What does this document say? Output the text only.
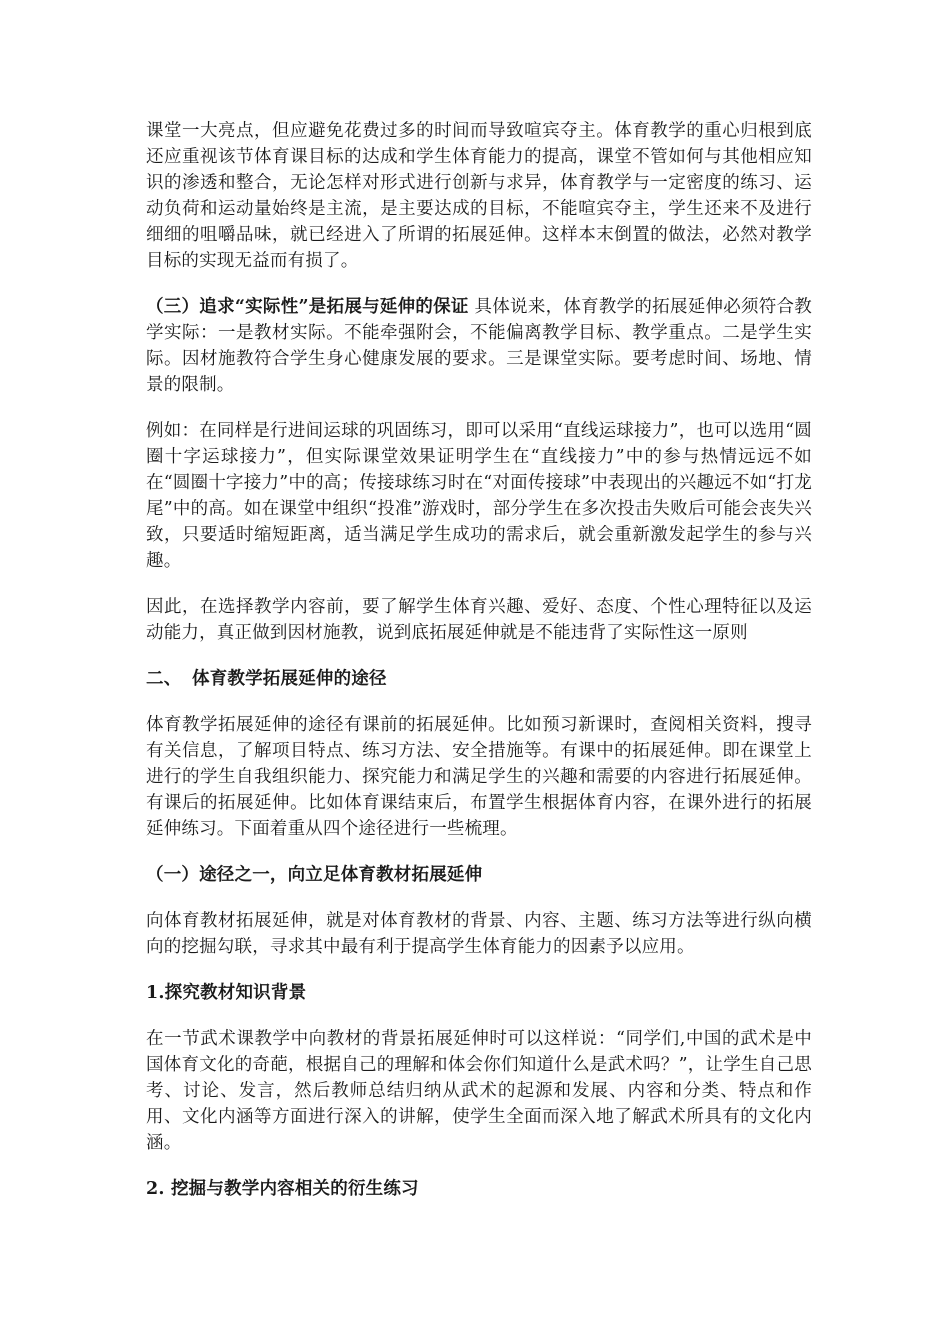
课堂一大亮点，但应避免花费过多的时间而导致喧宾夺主。体育教学的重心归根到底还应重视该节体育课目标的达成和学生体育能力的提高，课堂不管如何与其他相应知识的渗透和整合，无论怎样对形式进行创新与求异，体育教学与一定密度的练习、运动负荷和运动量始终是主流，是主要达成的目标，不能喧宾夺主，学生还来不及进行细细的咀嚼品味，就已经进入了所谓的拓展延伸。这样本末倒置的做法，必然对教学目标的实现无益而有损了。

（三）追求“实际性”是拓展与延伸的保证 具体说来，体育教学的拓展延伸必须符合教学实际：一是教材实际。不能牵强附会，不能偏离教学目标、教学重点。二是学生实际。因材施教符合学生身心健康发展的要求。三是课堂实际。要考虑时间、场地、情景的限制。

例如：在同样是行进间运球的巩固练习，即可以采用“直线运球接力”，也可以选用“圆圈十字运球接力”，但实际课堂效果证明学生在“直线接力”中的参与热情远远不如在“圆圈十字接力”中的高；传接球练习时在“对面传接球”中表现出的兴趣远不如“打龙尾”中的高。如在课堂中组织“投准”游戏时，部分学生在多次投击失败后可能会丧失兴致，只要适时缩短距离，适当满足学生成功的需求后，就会重新激发起学生的参与兴趣。

因此，在选择教学内容前，要了解学生体育兴趣、爱好、态度、个性心理特征以及运动能力，真正做到因材施教，说到底拓展延伸就是不能违背了实际性这一原则

二、 体育教学拓展延伸的途径

体育教学拓展延伸的途径有课前的拓展延伸。比如预习新课时，查阅相关资料，搜寻有关信息，了解项目特点、练习方法、安全措施等。有课中的拓展延伸。即在课堂上进行的学生自我组织能力、探究能力和满足学生的兴趣和需要的内容进行拓展延伸。有课后的拓展延伸。比如体育课结束后，布置学生根据体育内容，在课外进行的拓展延伸练习。下面着重从四个途径进行一些梳理。

（一）途径之一，向立足体育教材拓展延伸

向体育教材拓展延伸，就是对体育教材的背景、内容、主题、练习方法等进行纵向横向的挖掘勾联，寻求其中最有利于提高学生体育能力的因素予以应用。

1.探究教材知识背景

在一节武术课教学中向教材的背景拓展延伸时可以这样说：“同学们,中国的武术是中国体育文化的奇葩，根据自己的理解和体会你们知道什么是武术吗？”，让学生自己思考、讨论、发言，然后教师总结归纳从武术的起源和发展、内容和分类、特点和作用、文化内涵等方面进行深入的讲解，使学生全面而深入地了解武术所具有的文化内涵。

2. 挖掘与教学内容相关的衍生练习
